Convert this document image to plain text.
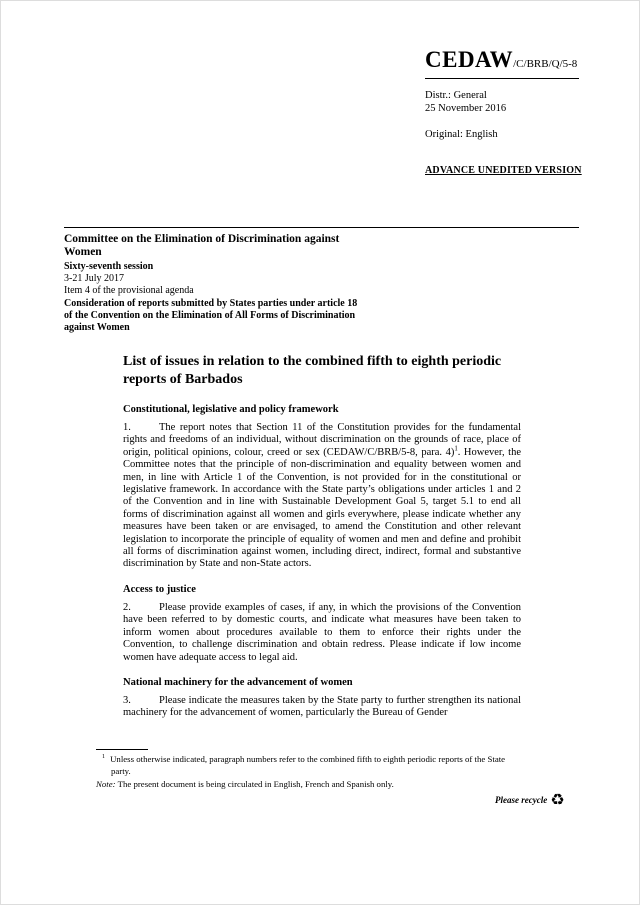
CEDAW/C/BRB/Q/5-8
Distr.: General
25 November 2016
Original: English
ADVANCE UNEDITED VERSION
Committee on the Elimination of Discrimination against Women
Sixty-seventh session
3-21 July 2017
Item 4 of the provisional agenda
Consideration of reports submitted by States parties under article 18 of the Convention on the Elimination of All Forms of Discrimination against Women
List of issues in relation to the combined fifth to eighth periodic reports of Barbados
Constitutional, legislative and policy framework

1.	The report notes that Section 11 of the Constitution provides for the fundamental rights and freedoms of an individual, without discrimination on the grounds of race, place of origin, political opinions, colour, creed or sex (CEDAW/C/BRB/5-8, para. 4)$^1$. However, the Committee notes that the principle of non-discrimination and equality between women and men, in line with Article 1 of the Convention, is not provided for in the constitutional or legislative framework. In accordance with the State party’s obligations under articles 1 and 2 of the Convention and in line with Sustainable Development Goal 5, target 5.1 to end all forms of discrimination against all women and girls everywhere, please indicate whether any measures have been taken or are envisaged, to amend the Constitution and other relevant legislation to incorporate the principle of equality of women and men and define and prohibit all forms of discrimination against women, including direct, indirect, formal and substantive discrimination by State and non-State actors.

Access to justice

2.	Please provide examples of cases, if any, in which the provisions of the Convention have been referred to by domestic courts, and indicate what measures have been taken to inform women about procedures available to them to enforce their rights under the Convention, to challenge discrimination and obtain redress. Please indicate if low income women have adequate access to legal aid.

National machinery for the advancement of women

3.	Please indicate the measures taken by the State party to further strengthen its national machinery for the advancement of women, particularly the Bureau of Gender

$^1$ Unless otherwise indicated, paragraph numbers refer to the combined fifth to eighth periodic reports of the State party.
Note: The present document is being circulated in English, French and Spanish only.
Please recycle ♻
